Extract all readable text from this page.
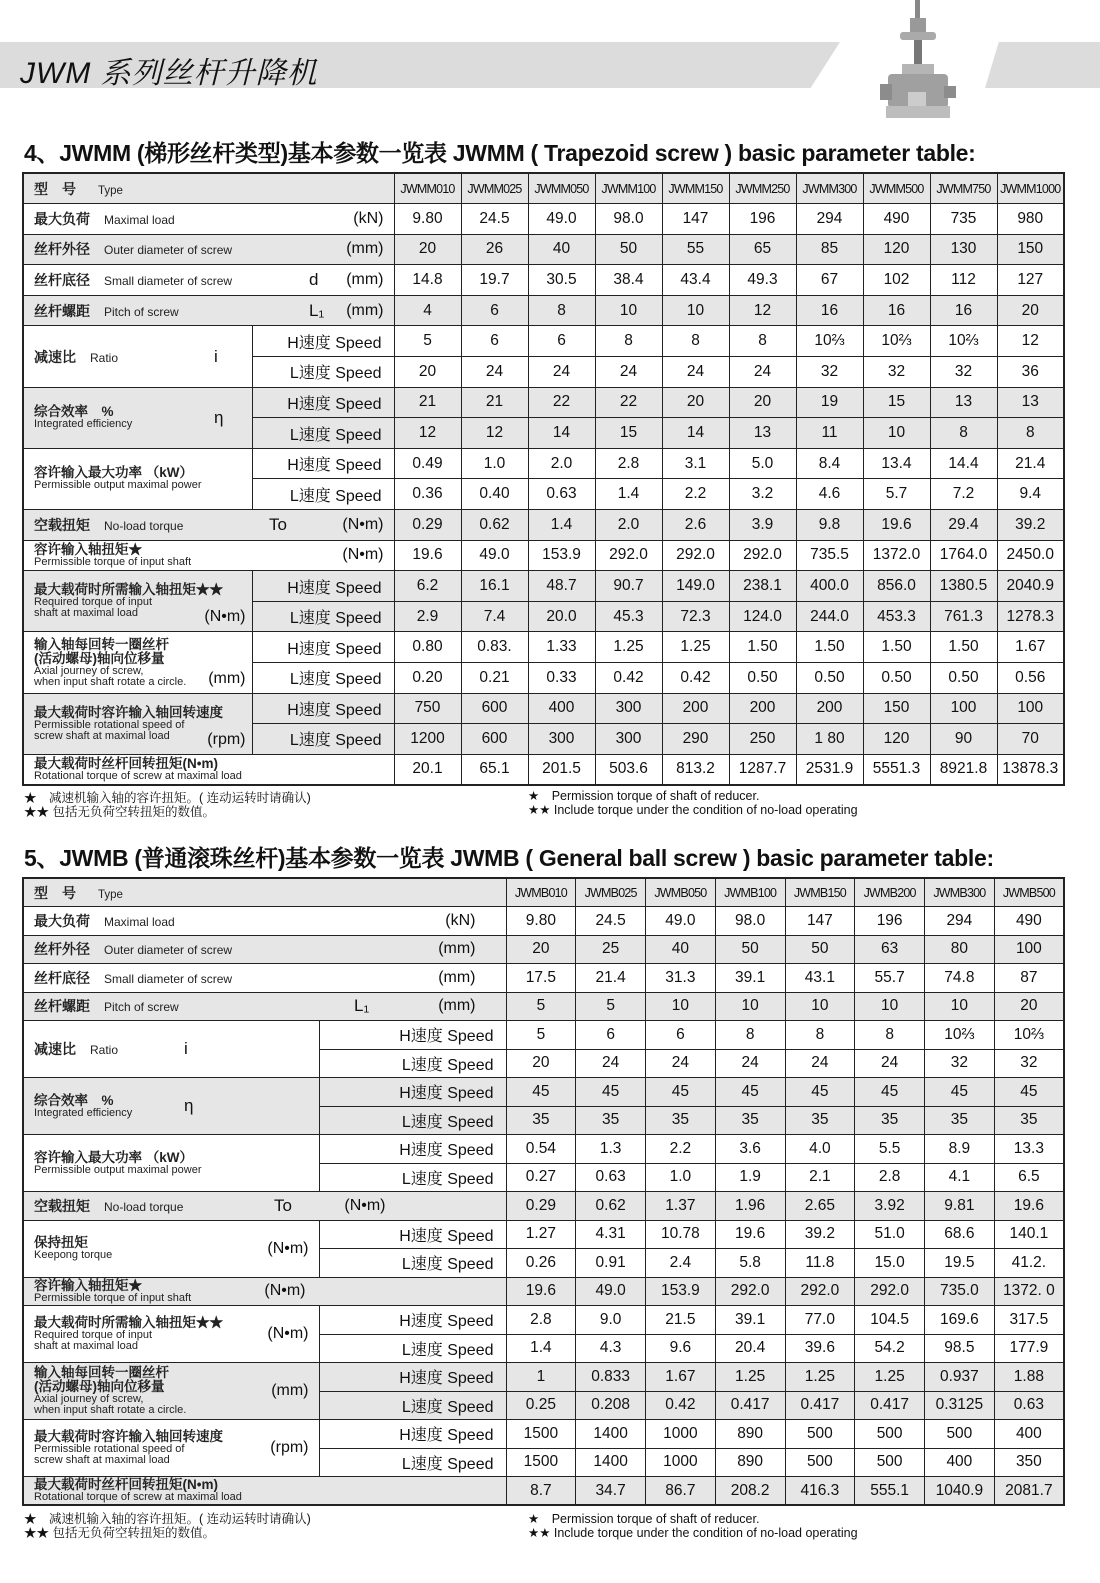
JWM 系列丝杆升降机
4、JWMM (梯形丝杆类型)基本参数一览表 JWMM ( Trapezoid screw ) basic parameter table:
型　号 Type		JWMM010	JWMM025	JWMM050	JWMM100	JWMM150	JWMM250	JWMM300	JWMM500	JWMM750	JWMM1000

最大负荷 Maximal load (kN)		9.80	24.5	49.0	98.0	147	196	294	490	735	980

丝杆外径 Outer diameter of screw (mm)		20	26	40	50	55	65	85	120	130	150

丝杆底径 Small diameter of screw d (mm)		14.8	19.7	30.5	38.4	43.4	49.3	67	102	112	127

丝杆螺距 Pitch of screw L₁ (mm)		4	6	8	10	10	12	16	16	16	20

减速比 Ratio i	H速度 Speed	5	6	6	8	8	8	10⅔	10⅔	10⅔	12
	L速度 Speed	20	24	24	24	24	24	32	32	32	36

综合效率　%
Integrated efficiency η	H速度 Speed	21	21	22	22	20	20	19	15	13	13
	L速度 Speed	12	12	14	15	14	13	11	10	8	8

容许输入最大功率 （kW）
Permissible output maximal power	H速度 Speed	0.49	1.0	2.0	2.8	3.1	5.0	8.4	13.4	14.4	21.4
	L速度 Speed	0.36	0.40	0.63	1.4	2.2	3.2	4.6	5.7	7.2	9.4

空载扭矩 No-load torque To (N•m)		0.29	0.62	1.4	2.0	2.6	3.9	9.8	19.6	29.4	39.2

容许输入轴扭矩★
Permissible torque of input shaft (N•m)		19.6	49.0	153.9	292.0	292.0	292.0	735.5	1372.0	1764.0	2450.0

最大载荷时所需输入轴扭矩★★
Required torque of input
shaft at maximal load (N•m)	H速度 Speed	6.2	16.1	48.7	90.7	149.0	238.1	400.0	856.0	1380.5	2040.9
	L速度 Speed	2.9	7.4	20.0	45.3	72.3	124.0	244.0	453.3	761.3	1278.3

输入轴每回转一圈丝杆
(活动螺母)轴向位移量
Axial journey of screw,
when input shaft rotate a circle. (mm)	H速度 Speed	0.80	0.83.	1.33	1.25	1.25	1.50	1.50	1.50	1.50	1.67
	L速度 Speed	0.20	0.21	0.33	0.42	0.42	0.50	0.50	0.50	0.50	0.56

最大载荷时容许输入轴回转速度
Permissible rotational speed of
screw shaft at maximal load (rpm)	H速度 Speed	750	600	400	300	200	200	200	150	100	100
	L速度 Speed	1200	600	300	300	290	250	1 80	120	90	70

最大载荷时丝杆回转扭矩(N•m)
Rotational torque of screw at maximal load		20.1	65.1	201.5	503.6	813.2	1287.7	2531.9	5551.3	8921.8	13878.3
★　减速机输入轴的容许扭矩。( 连动运转时请确认)
★★ 包括无负荷空转扭矩的数值。
★　Permission torque of shaft of reducer.
★★ Include torque under the condition of no-load operating
5、JWMB (普通滚珠丝杆)基本参数一览表 JWMB ( General ball screw ) basic parameter table:
型　号 Type		JWMB010	JWMB025	JWMB050	JWMB100	JWMB150	JWMB200	JWMB300	JWMB500

最大负荷 Maximal load (kN)		9.80	24.5	49.0	98.0	147	196	294	490

丝杆外径 Outer diameter of screw (mm)		20	25	40	50	50	63	80	100

丝杆底径 Small diameter of screw (mm)		17.5	21.4	31.3	39.1	43.1	55.7	74.8	87

丝杆螺距 Pitch of screw L₁ (mm)		5	5	10	10	10	10	10	20

减速比 Ratio i	H速度 Speed	5	6	6	8	8	8	10⅔	10⅔
	L速度 Speed	20	24	24	24	24	24	32	32

综合效率　%
Integrated efficiency η	H速度 Speed	45	45	45	45	45	45	45	45
	L速度 Speed	35	35	35	35	35	35	35	35

容许输入最大功率 （kW）
Permissible output maximal power	H速度 Speed	0.54	1.3	2.2	3.6	4.0	5.5	8.9	13.3
	L速度 Speed	0.27	0.63	1.0	1.9	2.1	2.8	4.1	6.5

空载扭矩 No-load torque To (N•m)		0.29	0.62	1.37	1.96	2.65	3.92	9.81	19.6

保持扭矩
Keepong torque (N•m)	H速度 Speed	1.27	4.31	10.78	19.6	39.2	51.0	68.6	140.1
	L速度 Speed	0.26	0.91	2.4	5.8	11.8	15.0	19.5	41.2.

容许输入轴扭矩★
Permissible torque of input shaft (N•m)		19.6	49.0	153.9	292.0	292.0	292.0	735.0	1372. 0

最大载荷时所需输入轴扭矩★★
Required torque of input
shaft at maximal load
(N•m)	H速度 Speed	2.8	9.0	21.5	39.1	77.0	104.5	169.6	317.5
	L速度 Speed	1.4	4.3	9.6	20.4	39.6	54.2	98.5	177.9

输入轴每回转一圈丝杆
(活动螺母)轴向位移量
Axial journey of screw,
when input shaft rotate a circle.
(mm)	H速度 Speed	1	0.833	1.67	1.25	1.25	1.25	0.937	1.88
	L速度 Speed	0.25	0.208	0.42	0.417	0.417	0.417	0.3125	0.63

最大载荷时容许输入轴回转速度
Permissible rotational speed of
screw shaft at maximal load
(rpm)	H速度 Speed	1500	1400	1000	890	500	500	500	400
	L速度 Speed	1500	1400	1000	890	500	500	400	350

最大载荷时丝杆回转扭矩(N•m)
Rotational torque of screw at maximal load		8.7	34.7	86.7	208.2	416.3	555.1	1040.9	2081.7
★　减速机输入轴的容许扭矩。( 连动运转时请确认)
★★ 包括无负荷空转扭矩的数值。
★　Permission torque of shaft of reducer.
★★ Include torque under the condition of no-load operating
